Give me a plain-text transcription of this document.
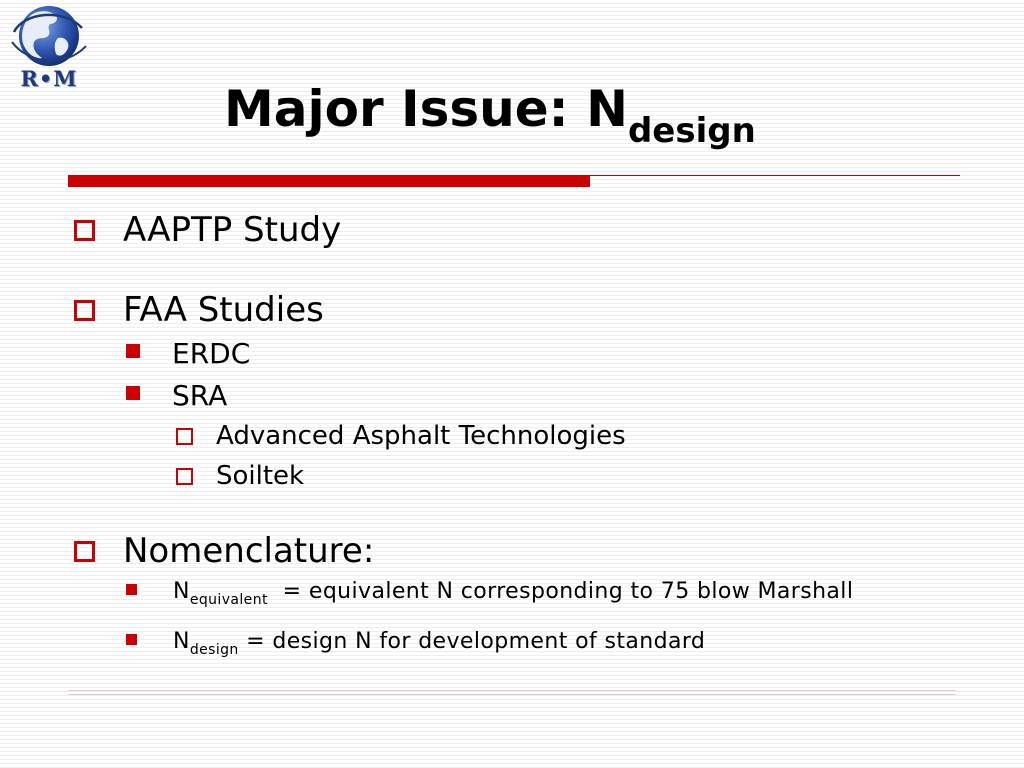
R•M
Major Issue: $N_{design}$
AAPTP Study
FAA Studies
ERDC
SRA
Advanced Asphalt Technologies
Soiltek
Nomenclature:
$N_{equivalent}$  = equivalent N corresponding to 75 blow Marshall
$N_{design}$ = design N for development of standard
